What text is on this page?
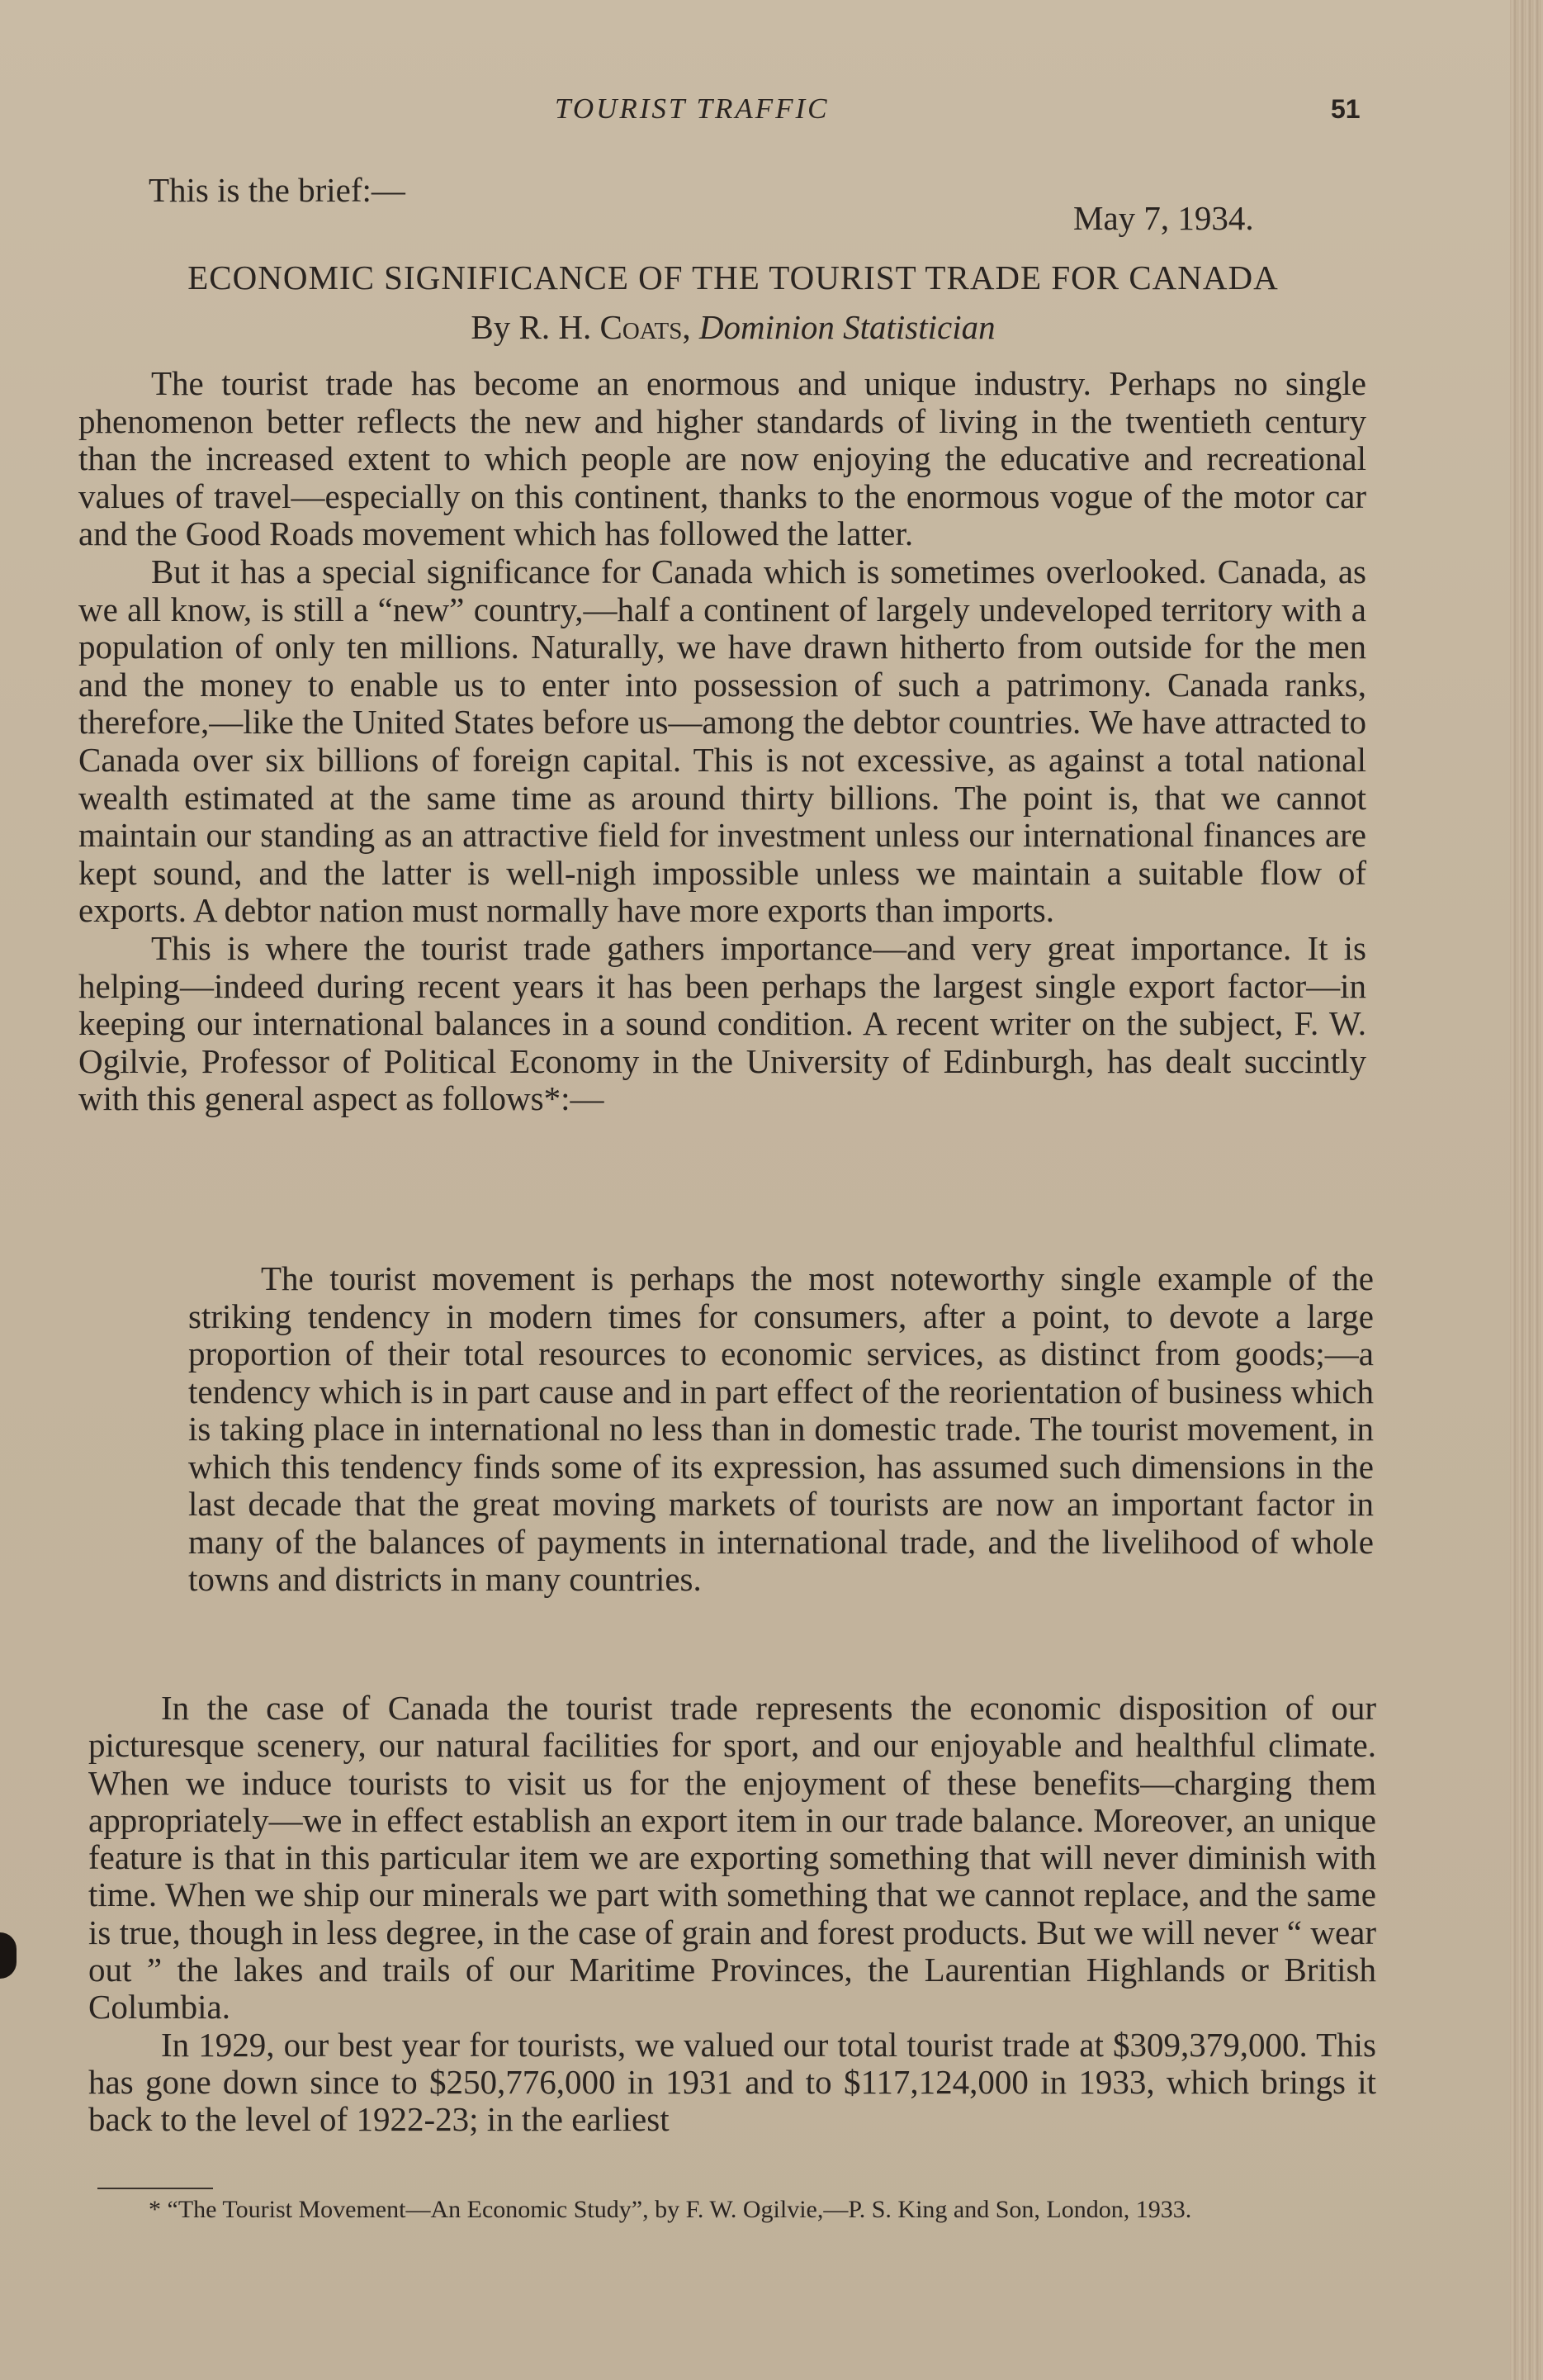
TOURIST TRAFFIC	51
This is the brief:—
May 7, 1934.
ECONOMIC SIGNIFICANCE OF THE TOURIST TRADE FOR CANADA
By R. H. Coats, Dominion Statistician

The tourist trade has become an enormous and unique industry. Perhaps no single phenomenon better reflects the new and higher standards of living in the twentieth century than the increased extent to which people are now enjoying the educative and recreational values of travel—especially on this continent, thanks to the enormous vogue of the motor car and the Good Roads movement which has followed the latter.

But it has a special significance for Canada which is sometimes overlooked. Canada, as we all know, is still a “new” country,—half a continent of largely undeveloped territory with a population of only ten millions. Naturally, we have drawn hitherto from outside for the men and the money to enable us to enter into possession of such a patrimony. Canada ranks, therefore,—like the United States before us—among the debtor countries. We have attracted to Canada over six billions of foreign capital. This is not excessive, as against a total national wealth estimated at the same time as around thirty billions. The point is, that we cannot maintain our standing as an attractive field for investment unless our international finances are kept sound, and the latter is well-nigh impossible unless we maintain a suitable flow of exports. A debtor nation must normally have more exports than imports.

This is where the tourist trade gathers importance—and very great importance. It is helping—indeed during recent years it has been perhaps the largest single export factor—in keeping our international balances in a sound condition. A recent writer on the subject, F. W. Ogilvie, Professor of Political Economy in the University of Edinburgh, has dealt succintly with this general aspect as follows*:—

The tourist movement is perhaps the most noteworthy single example of the striking tendency in modern times for consumers, after a point, to devote a large proportion of their total resources to economic services, as distinct from goods;—a tendency which is in part cause and in part effect of the reorientation of business which is taking place in international no less than in domestic trade. The tourist movement, in which this tendency finds some of its expression, has assumed such dimensions in the last decade that the great moving markets of tourists are now an important factor in many of the balances of payments in international trade, and the livelihood of whole towns and districts in many countries.

In the case of Canada the tourist trade represents the economic disposition of our picturesque scenery, our natural facilities for sport, and our enjoyable and healthful climate. When we induce tourists to visit us for the enjoyment of these benefits—charging them appropriately—we in effect establish an export item in our trade balance. Moreover, an unique feature is that in this particular item we are exporting something that will never diminish with time. When we ship our minerals we part with something that we cannot replace, and the same is true, though in less degree, in the case of grain and forest products. But we will never “ wear out ” the lakes and trails of our Maritime Provinces, the Laurentian Highlands or British Columbia.

In 1929, our best year for tourists, we valued our total tourist trade at $309,379,000. This has gone down since to $250,776,000 in 1931 and to $117,124,000 in 1933, which brings it back to the level of 1922-23; in the earliest

* “The Tourist Movement—An Economic Study”, by F. W. Ogilvie,—P. S. King and Son, London, 1933.
